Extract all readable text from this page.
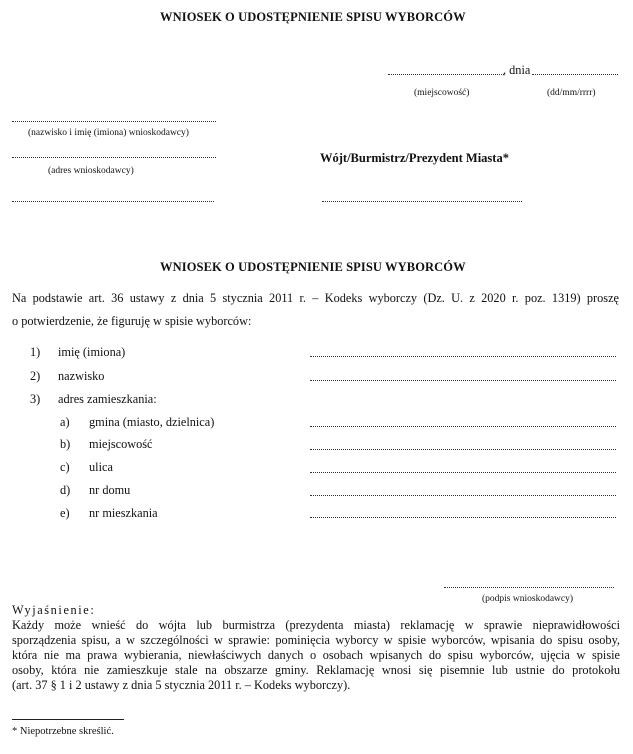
WNIOSEK O UDOSTĘPNIENIE SPISU WYBORCÓW
, dnia
(miejscowość)	(dd/mm/rrrr)
(nazwisko i imię (imiona) wnioskodawcy)
(adres wnioskodawcy)
Wójt/Burmistrz/Prezydent Miasta*
WNIOSEK O UDOSTĘPNIENIE SPISU WYBORCÓW
Na podstawie art. 36 ustawy z dnia 5 stycznia 2011 r. – Kodeks wyborczy (Dz. U. z 2020 r. poz. 1319) proszę
o potwierdzenie, że figuruję w spisie wyborców:
1) imię (imiona)
2) nazwisko
3) adres zamieszkania:
a) gmina (miasto, dzielnica)
b) miejscowość
c) ulica
d) nr domu
e) nr mieszkania
(podpis wnioskodawcy)
Wyjaśnienie:
Każdy może wnieść do wójta lub burmistrza (prezydenta miasta) reklamację w sprawie nieprawidłowości
sporządzenia spisu, a w szczególności w sprawie: pominięcia wyborcy w spisie wyborców, wpisania do spisu osoby,
która nie ma prawa wybierania, niewłaściwych danych o osobach wpisanych do spisu wyborców, ujęcia w spisie
osoby, która nie zamieszkuje stale na obszarze gminy. Reklamację wnosi się pisemnie lub ustnie do protokołu
(art. 37 § 1 i 2 ustawy z dnia 5 stycznia 2011 r. – Kodeks wyborczy).
* Niepotrzebne skreślić.
